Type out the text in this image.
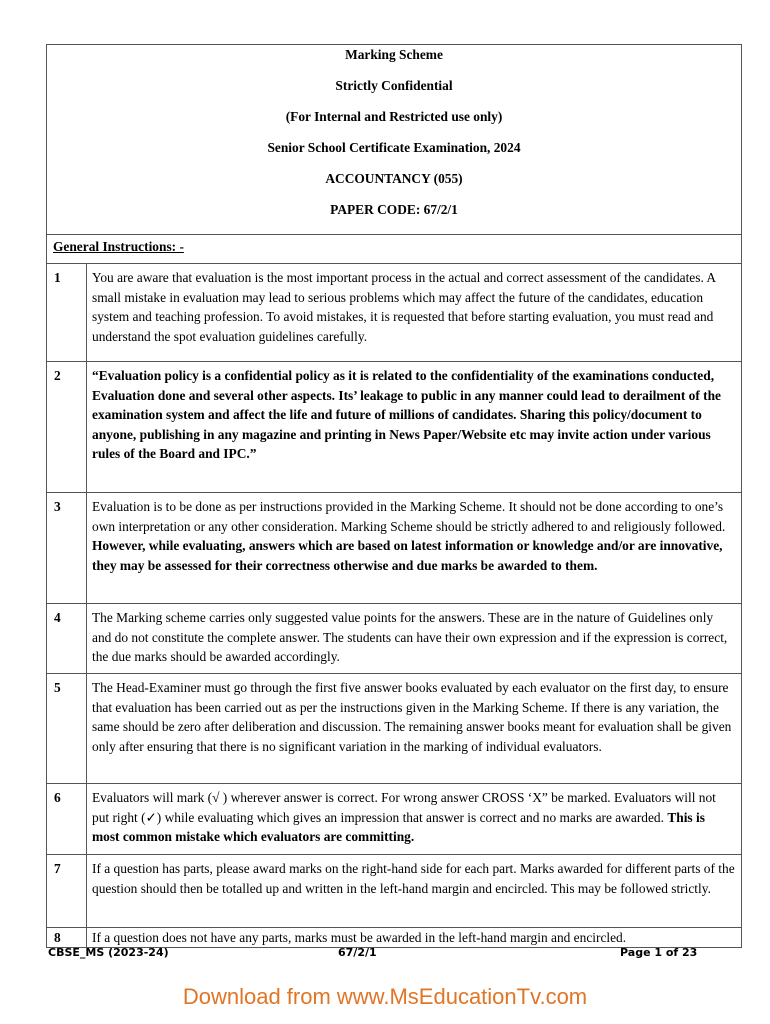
Marking Scheme
Strictly Confidential
(For Internal and Restricted use only)
Senior School Certificate Examination, 2024
ACCOUNTANCY (055)
PAPER CODE: 67/2/1
General Instructions: -
1	You are aware that evaluation is the most important process in the actual and correct assessment of the candidates. A small mistake in evaluation may lead to serious problems which may affect the future of the candidates, education system and teaching profession. To avoid mistakes, it is requested that before starting evaluation, you must read and understand the spot evaluation guidelines carefully.
2	“Evaluation policy is a confidential policy as it is related to the confidentiality of the examinations conducted, Evaluation done and several other aspects. Its’ leakage to public in any manner could lead to derailment of the examination system and affect the life and future of millions of candidates. Sharing this policy/document to anyone, publishing in any magazine and printing in News Paper/Website etc may invite action under various rules of the Board and IPC.”
3	Evaluation is to be done as per instructions provided in the Marking Scheme. It should not be done according to one’s own interpretation or any other consideration. Marking Scheme should be strictly adhered to and religiously followed. However, while evaluating, answers which are based on latest information or knowledge and/or are innovative, they may be assessed for their correctness otherwise and due marks be awarded to them.
4	The Marking scheme carries only suggested value points for the answers. These are in the nature of Guidelines only and do not constitute the complete answer. The students can have their own expression and if the expression is correct, the due marks should be awarded accordingly.
5	The Head-Examiner must go through the first five answer books evaluated by each evaluator on the first day, to ensure that evaluation has been carried out as per the instructions given in the Marking Scheme. If there is any variation, the same should be zero after deliberation and discussion. The remaining answer books meant for evaluation shall be given only after ensuring that there is no significant variation in the marking of individual evaluators.
6	Evaluators will mark (√ ) wherever answer is correct. For wrong answer CROSS ‘X” be marked. Evaluators will not put right (✓) while evaluating which gives an impression that answer is correct and no marks are awarded. This is most common mistake which evaluators are committing.
7	If a question has parts, please award marks on the right-hand side for each part. Marks awarded for different parts of the question should then be totalled up and written in the left-hand margin and encircled. This may be followed strictly.
8	If a question does not have any parts, marks must be awarded in the left-hand margin and encircled.
CBSE_MS (2023-24)	67/2/1	Page 1 of 23
Download from www.MsEducationTv.com
